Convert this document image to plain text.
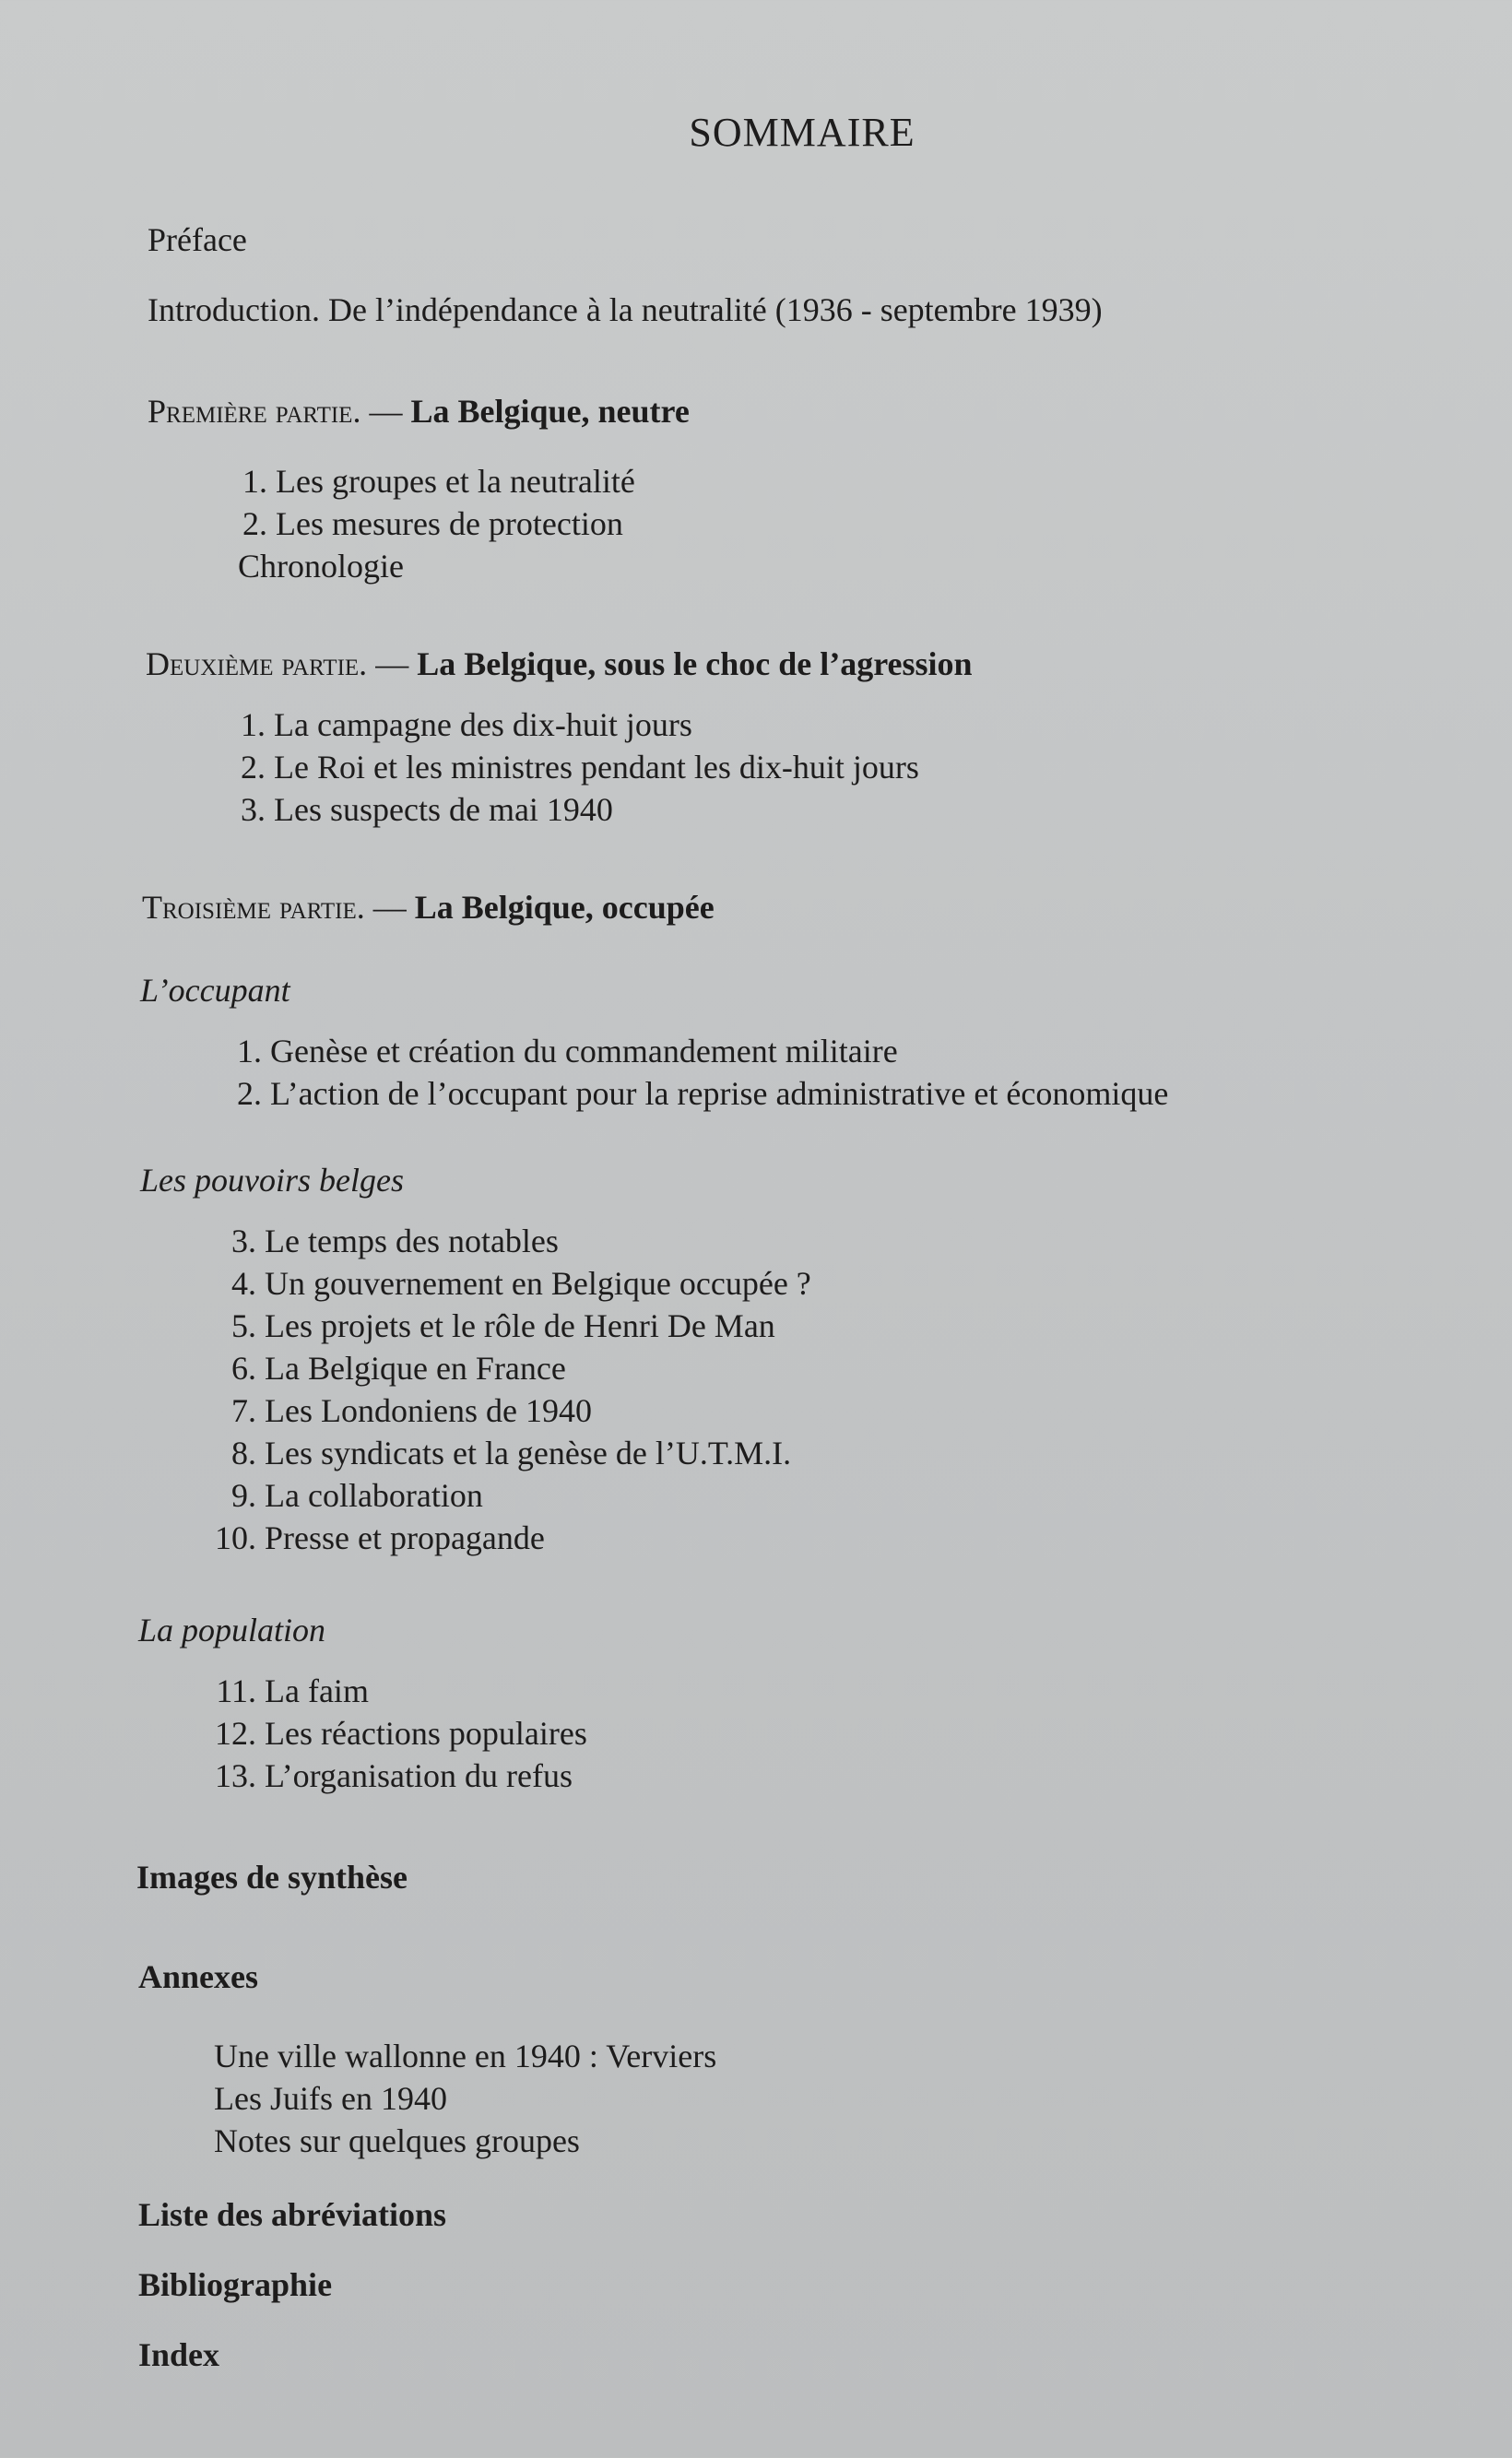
SOMMAIRE
Préface
Introduction. De l’indépendance à la neutralité (1936 - septembre 1939)
Première partie. — La Belgique, neutre
1. Les groupes et la neutralité
2. Les mesures de protection
Chronologie
Deuxième partie. — La Belgique, sous le choc de l’agression
1. La campagne des dix-huit jours
2. Le Roi et les ministres pendant les dix-huit jours
3. Les suspects de mai 1940
Troisième partie. — La Belgique, occupée
L’occupant
1. Genèse et création du commandement militaire
2. L’action de l’occupant pour la reprise administrative et économique
Les pouvoirs belges
3. Le temps des notables
4. Un gouvernement en Belgique occupée ?
5. Les projets et le rôle de Henri De Man
6. La Belgique en France
7. Les Londoniens de 1940
8. Les syndicats et la genèse de l’U.T.M.I.
9. La collaboration
10. Presse et propagande
La population
11. La faim
12. Les réactions populaires
13. L’organisation du refus
Images de synthèse
Annexes
Une ville wallonne en 1940 : Verviers
Les Juifs en 1940
Notes sur quelques groupes
Liste des abréviations
Bibliographie
Index
